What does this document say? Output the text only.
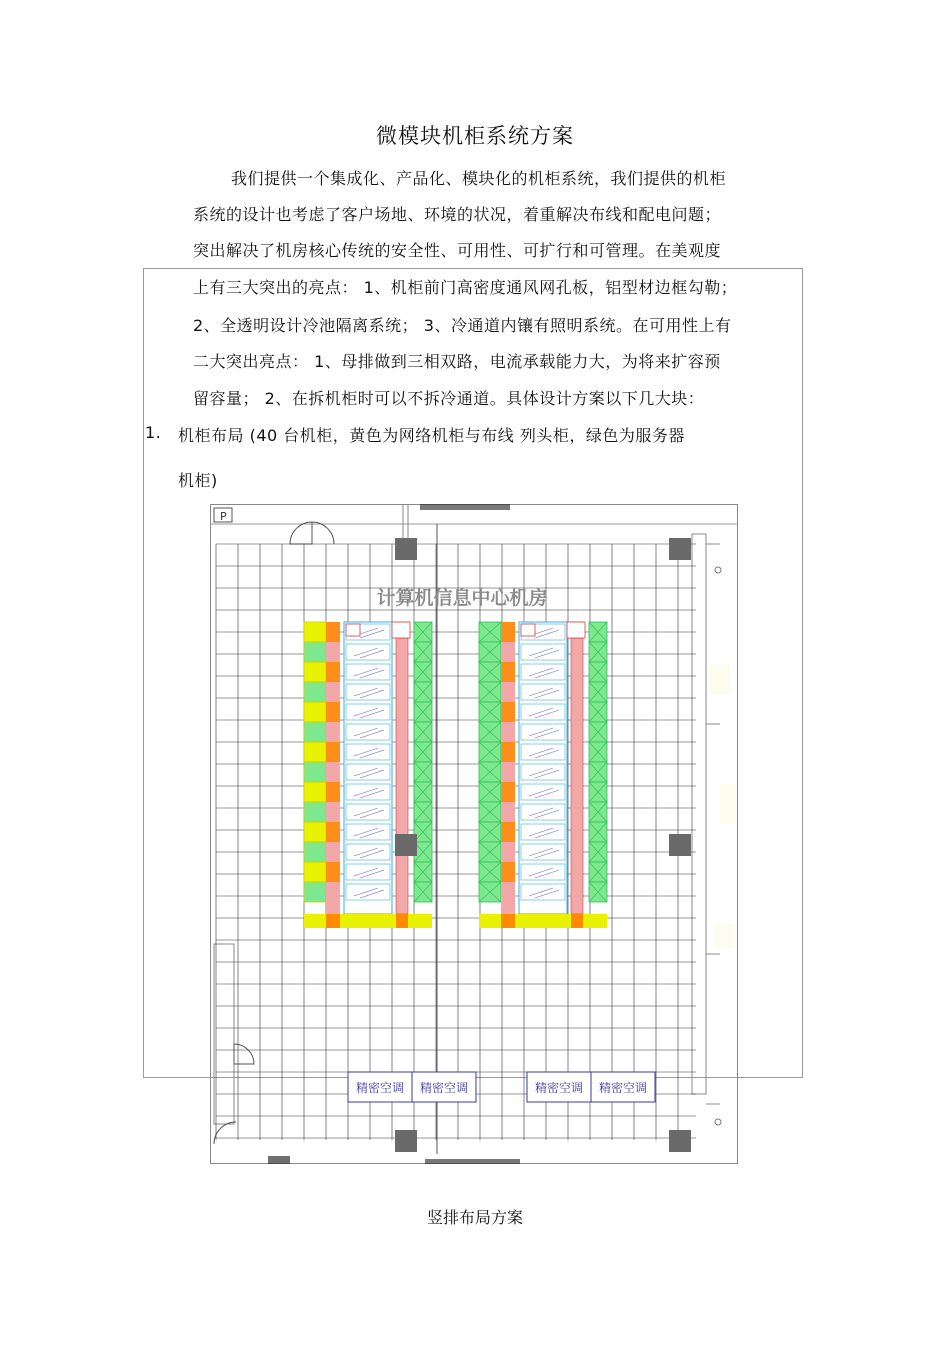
微模块机柜系统方案
我们提供一个集成化、产品化、模块化的机柜系统，我们提供的机柜
系统的设计也考虑了客户场地、环境的状况，着重解决布线和配电问题；
突出解决了机房核心传统的安全性、可用性、可扩行和可管理。在美观度
上有三大突出的亮点： 1、机柜前门高密度通风网孔板，铝型材边框勾勒；
2、全透明设计冷池隔离系统； 3、冷通道内镶有照明系统。在可用性上有
二大突出亮点： 1、母排做到三相双路，电流承载能力大，为将来扩容预
留容量； 2、在拆机柜时可以不拆冷通道。具体设计方案以下几大块：
1. 机柜布局 (40 台机柜，黄色为网络机柜与布线 列头柜，绿色为服务器
机柜)
P
计算机信息中心机房
精密空调 精密空调	精密空调 精密空调
竖排布局方案
